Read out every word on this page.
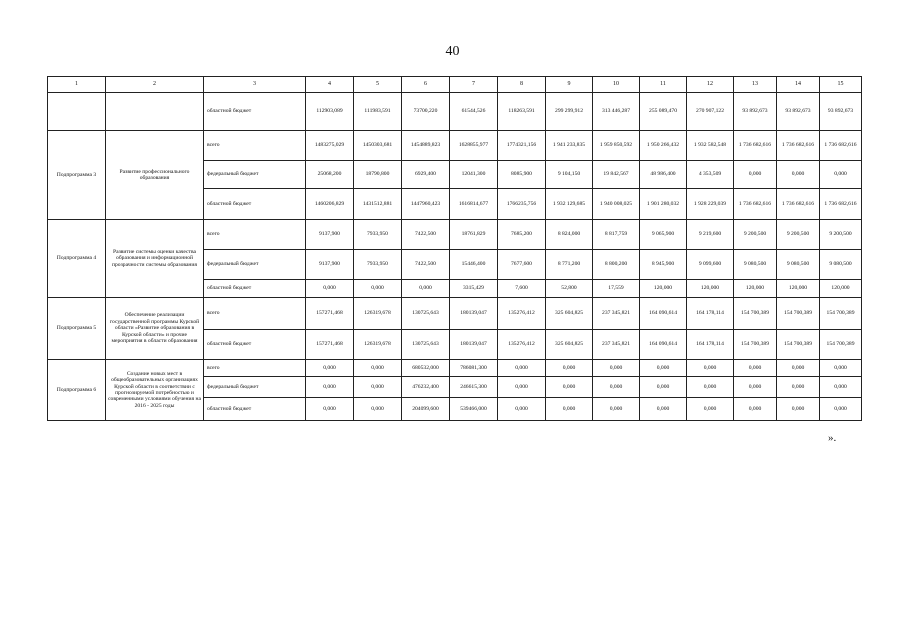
40
1	2	3	4	5	6	7	8	9	10	11	12	13	14	15
		областной бюджет	112903,089	111983,591	73700,220	61544,526	118263,591	299 299,912	313 446,287	255 089,470	270 907,122	93 892,673	93 892,673	93 892,673
Подпрограмма 3	Развитие профессионального образования	всего	1483275,029	1450303,681	1454889,823	1628855,977	1774321,156	1 941 233,835	1 959 850,592	1 950 266,432	1 932 582,548	1 736 682,616	1 736 682,616	1 736 682,616
		федеральный бюджет	25068,200	18790,800	6929,400	12041,300	8085,900	9 104,150	19 842,567	48 986,400	4 353,509	0,000	0,000	0,000
		областной бюджет	1460206,829	1431512,881	1447960,423	1616814,677	1766235,756	1 932 129,685	1 940 008,025	1 901 280,032	1 928 229,039	1 736 682,616	1 736 682,616	1 736 682,616
Подпрограмма 4	Развитие системы оценки качества образования и информационной прозрачности системы образования	всего	9137,900	7933,950	7422,500	18761,829	7685,200	8 824,000	8 817,759	9 065,900	9 219,600	9 200,500	9 200,500	9 200,500
		федеральный бюджет	9137,900	7933,950	7422,500	15446,400	7677,600	8 771,200	8 800,200	8 945,900	9 099,600	9 080,500	9 080,500	9 080,500
		областной бюджет	0,000	0,000	0,000	3315,429	7,600	52,800	17,559	120,000	120,000	120,000	120,000	120,000
Подпрограмма 5	Обеспечение реализации государственной программы Курской области «Развитие образования в Курской области» и прочие мероприятия в области образования	всего	157271,468	126319,678	130725,643	180139,047	135276,412	325 604,825	237 345,821	164 090,614	164 178,114	154 700,389	154 700,389	154 700,389
		областной бюджет	157271,468	126319,678	130725,643	180139,047	135276,412	325 604,825	237 345,821	164 090,614	164 178,114	154 700,389	154 700,389	154 700,389
Подпрограмма 6	Создание новых мест в общеобразовательных организациях Курской области в соответствии с прогнозируемой потребностью и современными условиями обучения на 2016 - 2025 годы	всего	0,000	0,000	680532,000	786081,300	0,000	0,000	0,000	0,000	0,000	0,000	0,000	0,000
		федеральный бюджет	0,000	0,000	476232,400	246615,300	0,000	0,000	0,000	0,000	0,000	0,000	0,000	0,000
		областной бюджет	0,000	0,000	204099,600	539466,000	0,000	0,000	0,000	0,000	0,000	0,000	0,000	0,000
».
